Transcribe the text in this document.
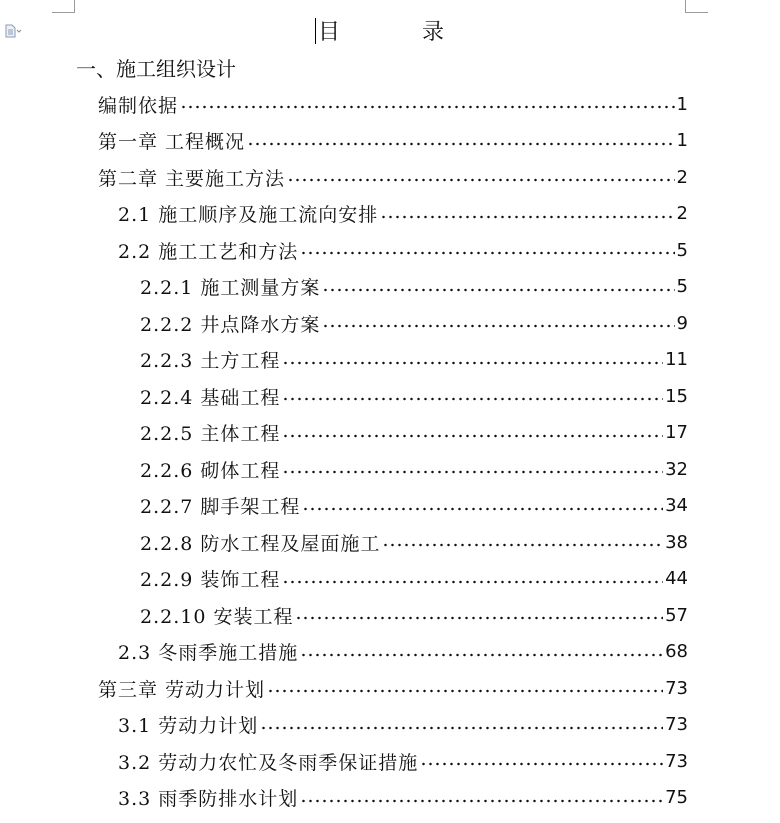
目	录
一、施工组织设计
编制依据	1
第一章 工程概况	1
第二章 主要施工方法	2
2.1 施工顺序及施工流向安排	2
2.2 施工工艺和方法	5
2.2.1 施工测量方案	5
2.2.2 井点降水方案	9
2.2.3 土方工程	11
2.2.4 基础工程	15
2.2.5 主体工程	17
2.2.6 砌体工程	32
2.2.7 脚手架工程	34
2.2.8 防水工程及屋面施工	38
2.2.9 装饰工程	44
2.2.10 安装工程	57
2.3 冬雨季施工措施	68
第三章 劳动力计划	73
3.1 劳动力计划	73
3.2 劳动力农忙及冬雨季保证措施	73
3.3 雨季防排水计划	75
